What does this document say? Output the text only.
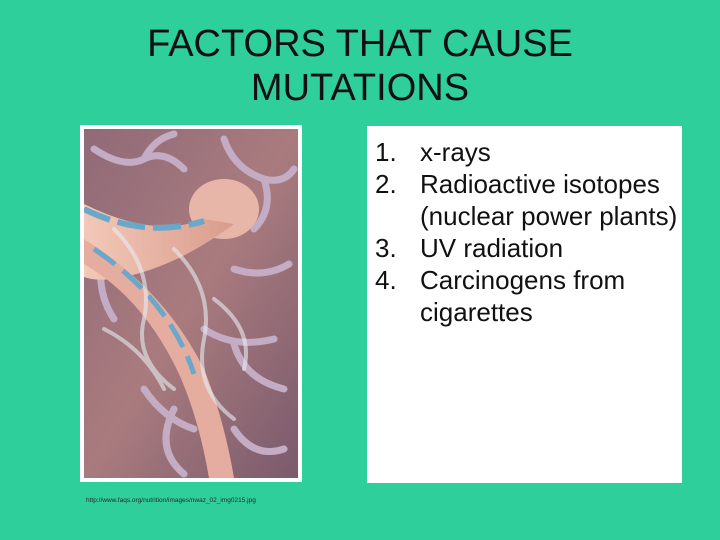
FACTORS THAT CAUSE
MUTATIONS
http://www.faqs.org/nutrition/images/nwaz_02_img0215.jpg
1. x-rays
2. Radioactive isotopes (nuclear power plants)
3. UV radiation
4. Carcinogens from cigarettes
